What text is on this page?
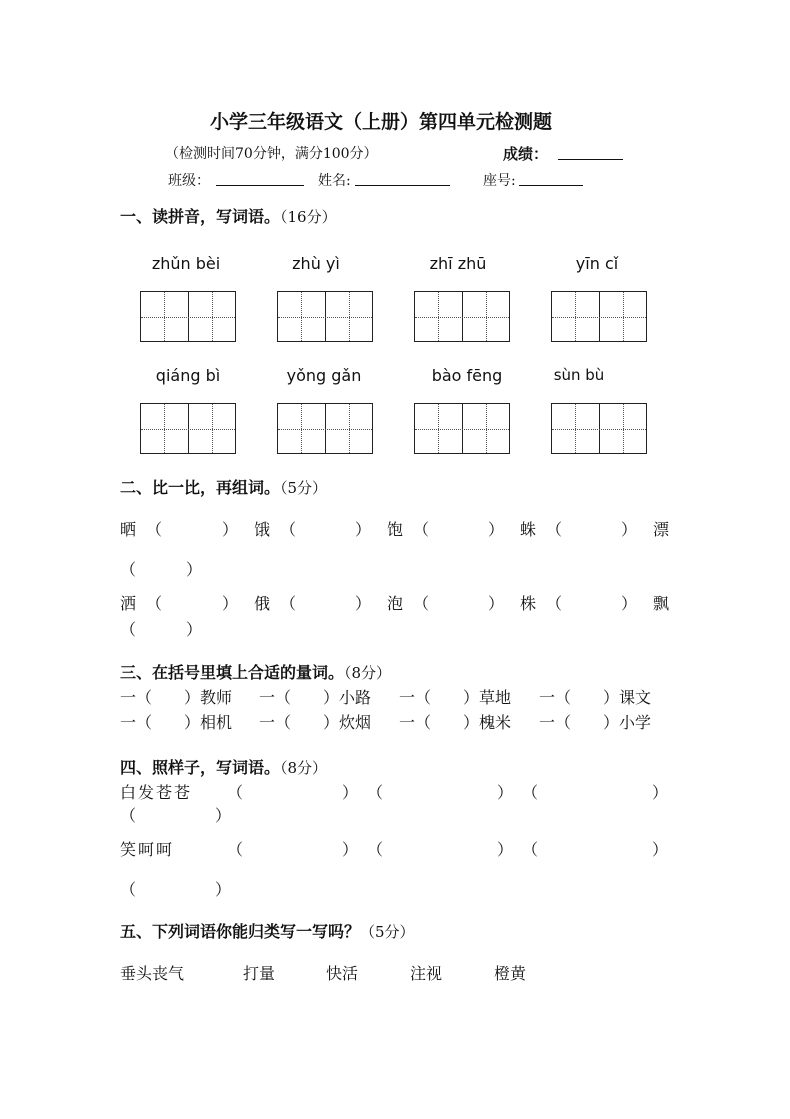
小学三年级语文（上册）第四单元检测题
（检测时间70分钟，满分100分）	成绩：
班级：	姓名:	座号:
一、读拼音，写词语。（16分）
zhǔn bèi	zhù yì	zhī zhū	yīn cǐ
qiáng bì	yǒng gǎn	bào fēng	sùn bù
二、比一比，再组词。（5分）
晒 （	） 饿 （	） 饱 （	） 蛛 （	） 漂
（	）
洒 （	） 俄 （	） 泡 （	） 株 （	） 飘
（	）
三、在括号里填上合适的量词。（8分）
一（　　）教师 一（　　）小路 一（　　）草地 一（　　）课文
一（　　）相机 一（　　）炊烟 一（　　）槐米 一（　　）小学
四、照样子，写词语。（8分）
白发苍苍 （	） （	） （	）
（	）
笑呵呵	（	） （	） （	）
（	）
五、下列词语你能归类写一写吗？（5分）
垂头丧气	打量	快活	注视	橙黄
